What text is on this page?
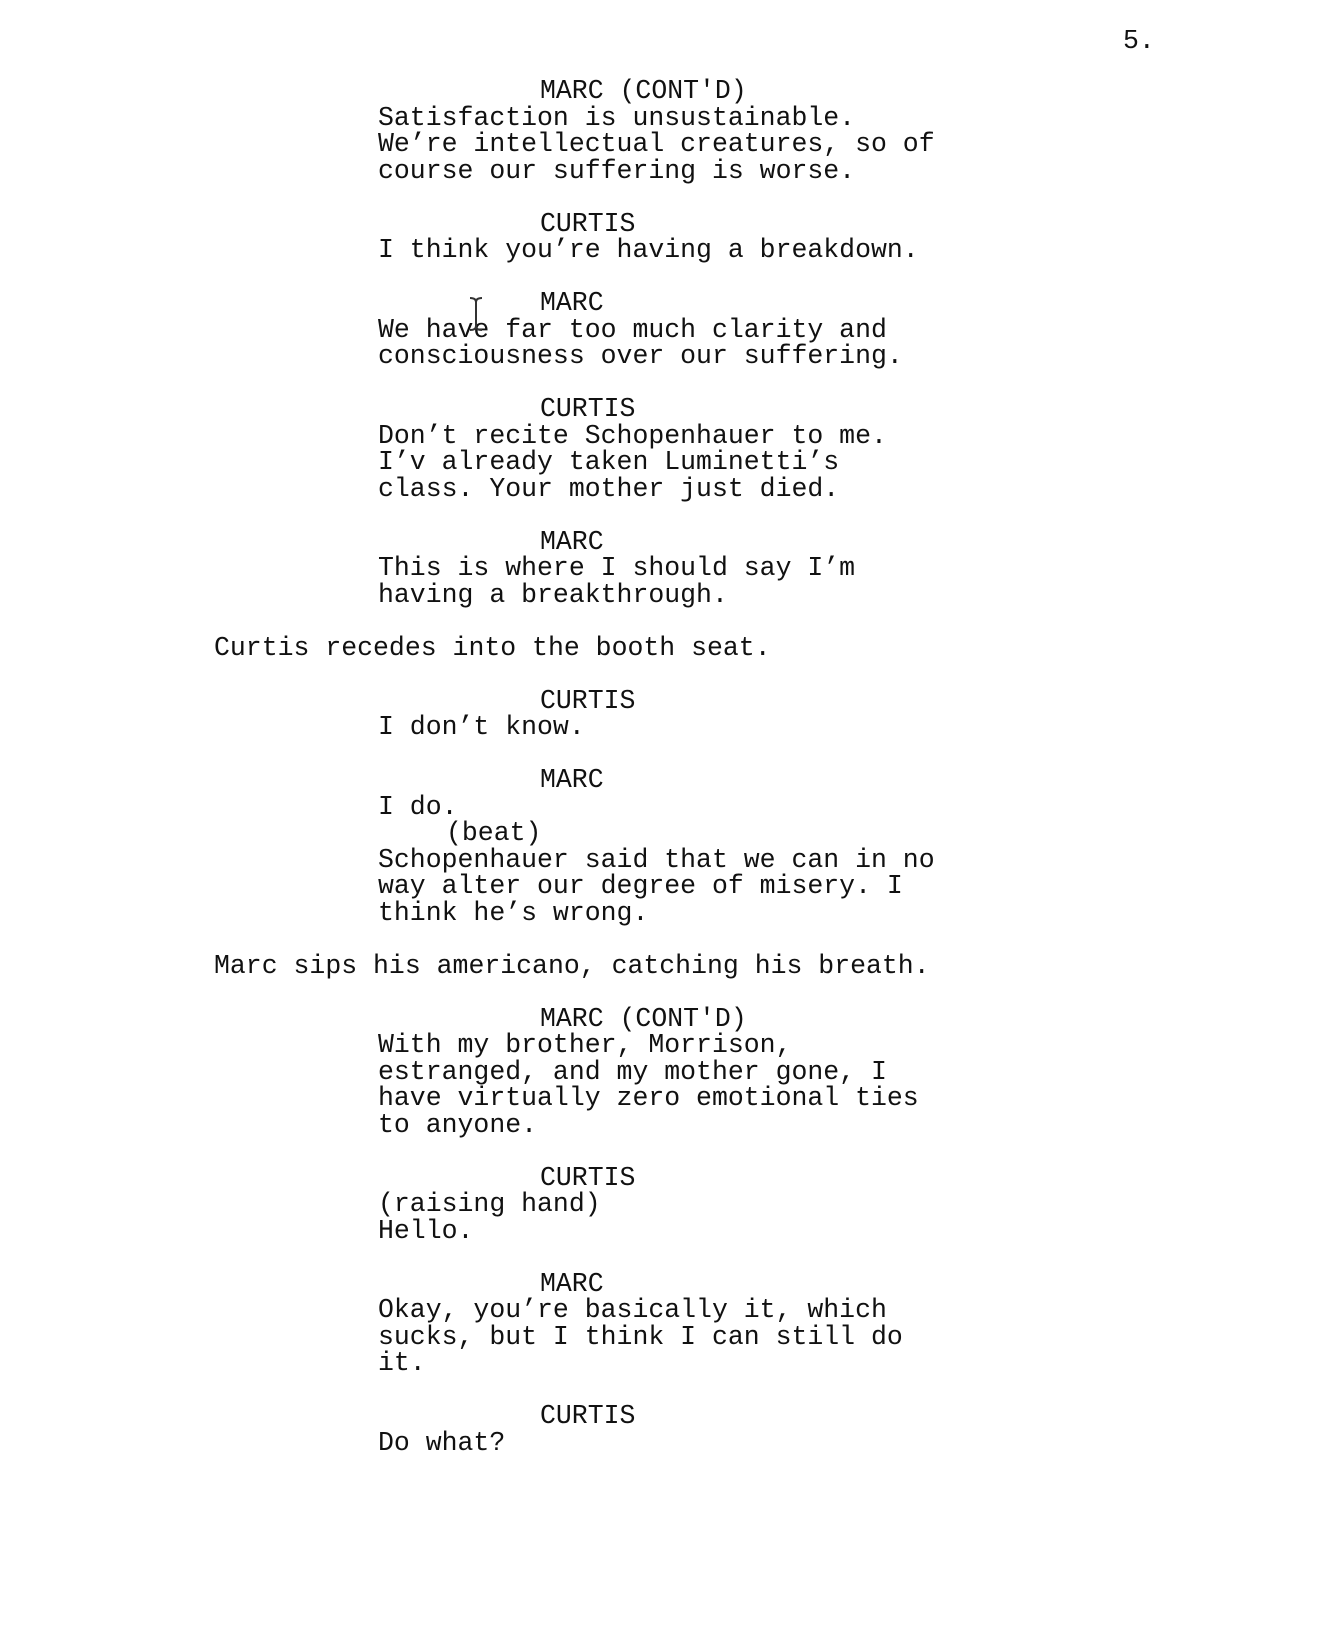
5.
MARC (CONT'D)
Satisfaction is unsustainable.
We’re intellectual creatures, so of
course our suffering is worse.
CURTIS
I think you’re having a breakdown.
MARC
We have far too much clarity and
consciousness over our suffering.
CURTIS
Don’t recite Schopenhauer to me.
I’v already taken Luminetti’s
class. Your mother just died.
MARC
This is where I should say I’m
having a breakthrough.
Curtis recedes into the booth seat.
CURTIS
I don’t know.
MARC
I do.
(beat)
Schopenhauer said that we can in no
way alter our degree of misery. I
think he’s wrong.
Marc sips his americano, catching his breath.
MARC (CONT'D)
With my brother, Morrison,
estranged, and my mother gone, I
have virtually zero emotional ties
to anyone.
CURTIS
(raising hand)
Hello.
MARC
Okay, you’re basically it, which
sucks, but I think I can still do
it.
CURTIS
Do what?
